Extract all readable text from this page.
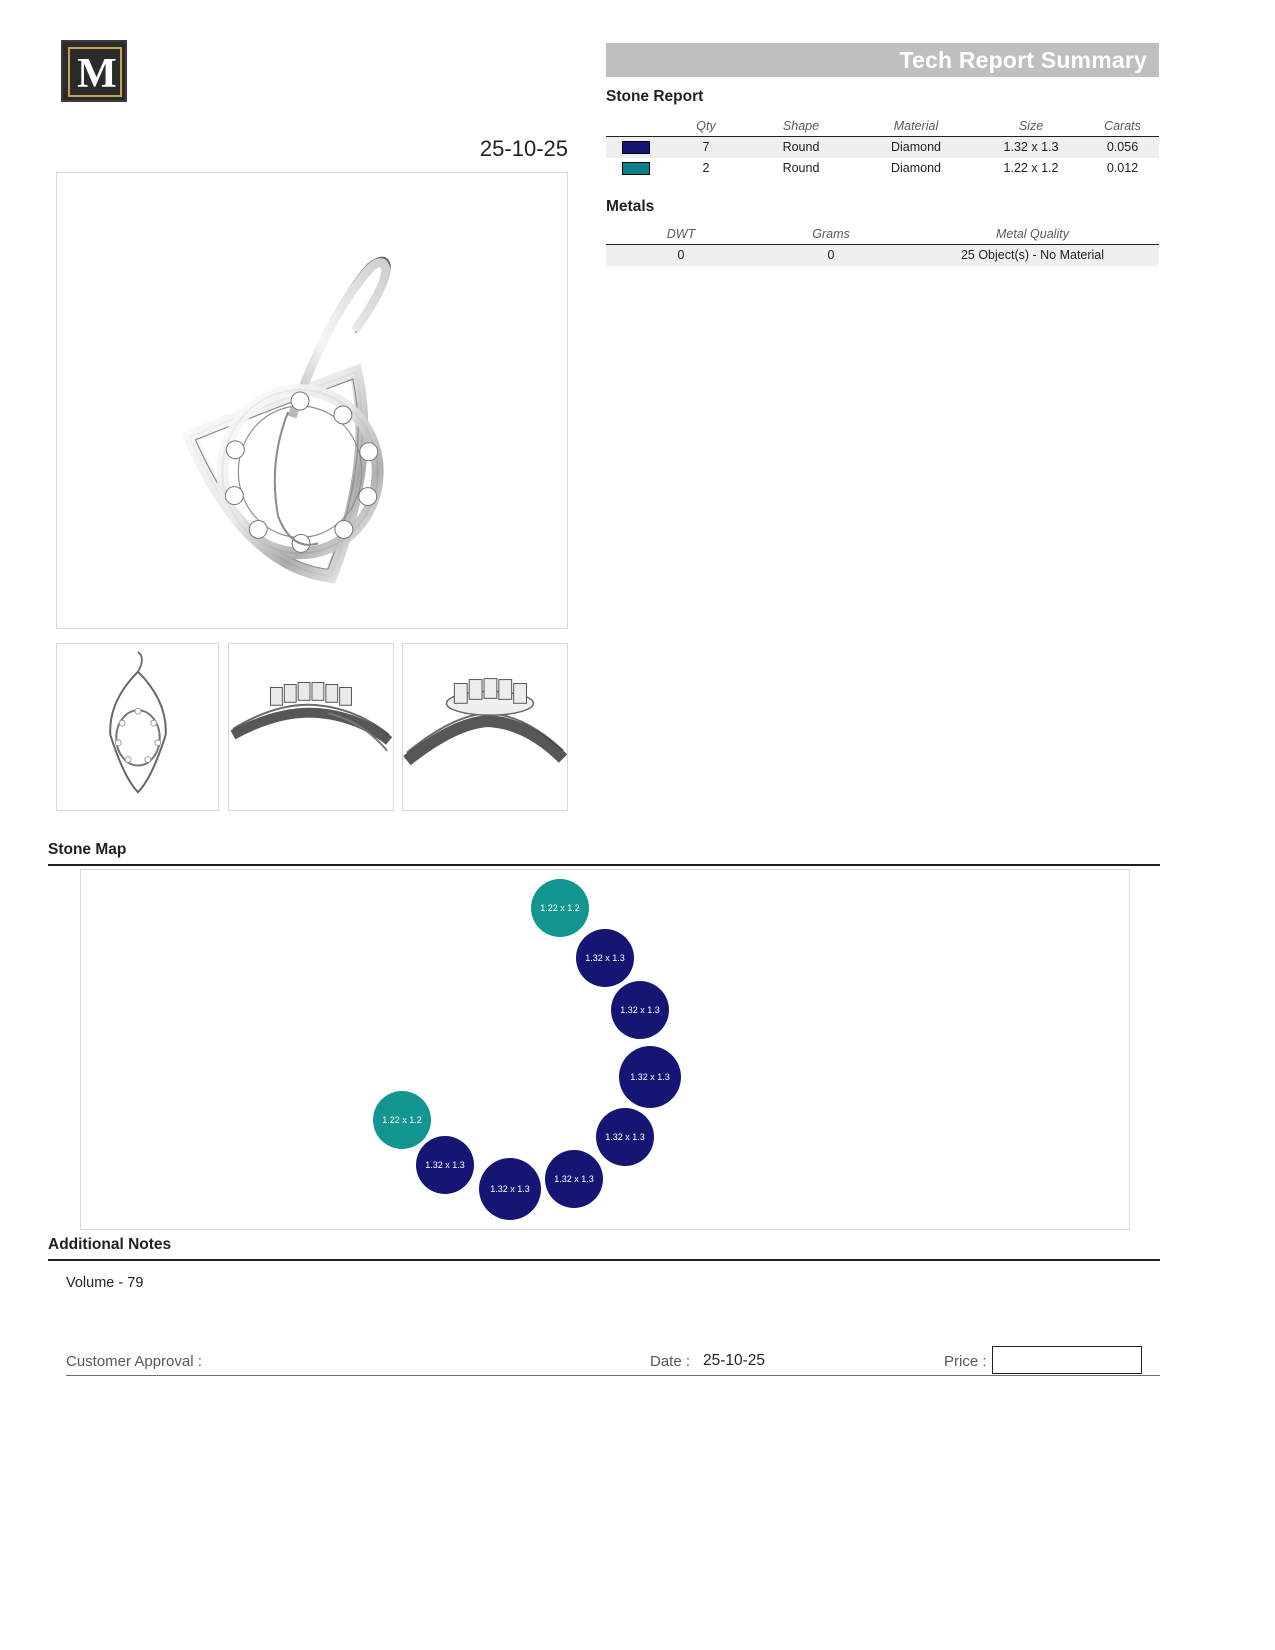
M	Tech Report Summary
Stone Report
	Qty	Shape	Material	Size	Carats
	7	Round	Diamond	1.32 x 1.3	0.056
	2	Round	Diamond	1.22 x 1.2	0.012
Metals
DWT	Grams	Metal Quality
0	0	25 Object(s) - No Material
25-10-25
Stone Map
1.22 x 1.2
1.32 x 1.3
1.32 x 1.3
1.32 x 1.3
1.32 x 1.3
1.32 x 1.3
1.32 x 1.3
1.32 x 1.3
1.22 x 1.2
Additional Notes
Volume - 79
Customer Approval :	Date : 25-10-25	Price :
